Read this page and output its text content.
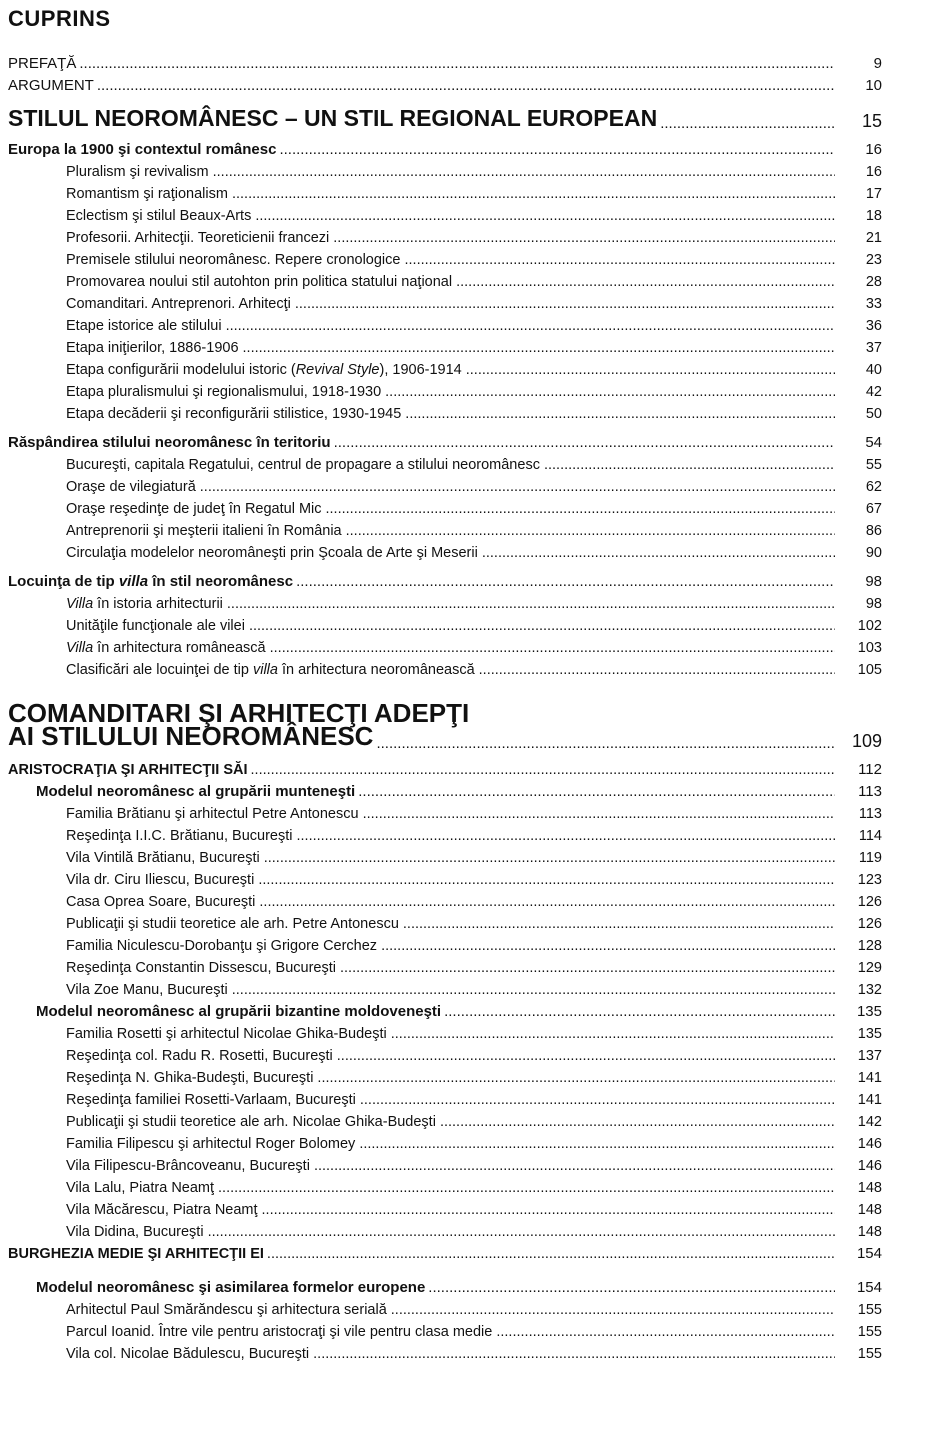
CUPRINS
COMANDITARI ŞI ARHITECŢI ADEPŢI
PREFAŢĂ .....	9
ARGUMENT .....	10
STILUL NEOROMÂNESC – UN STIL REGIONAL EUROPEAN .....	15
Europa la 1900 şi contextul românesc .....	16
Pluralism şi revivalism .....	16
Romantism şi raţionalism .....	17
Eclectism şi stilul Beaux-Arts .....	18
Profesorii. Arhitecţii. Teoreticienii francezi .....	21
Premisele stilului neoromânesc. Repere cronologice .....	23
Promovarea noului stil autohton prin politica statului naţional .....	28
Comanditari. Antreprenori. Arhitecţi .....	33
Etape istorice ale stilului .....	36
Etapa iniţierilor, 1886-1906 .....	37
Etapa configurării modelului istoric (Revival Style), 1906-1914 .....	40
Etapa pluralismului şi regionalismului, 1918-1930 .....	42
Etapa decăderii şi reconfigurării stilistice, 1930-1945 .....	50
Răspândirea stilului neoromânesc în teritoriu .....	54
Bucureşti, capitala Regatului, centrul de propagare a stilului neoromânesc .....	55
Oraşe de vilegiatură .....	62
Oraşe reşedinţe de judeţ în Regatul Mic .....	67
Antreprenorii şi meşterii italieni în România .....	86
Circulaţia modelelor neoromâneşti prin Şcoala de Arte şi Meserii .....	90
Locuinţa de tip villa în stil neoromânesc .....	98
Villa în istoria arhitecturii .....	98
Unităţile funcţionale ale vilei .....	102
Villa în arhitectura românească .....	103
Clasificări ale locuinţei de tip villa în arhitectura neoromânească .....	105
AI STILULUI NEOROMÂNESC .....	109
ARISTOCRAŢIA ŞI ARHITECŢII SĂI .....	112
Modelul neoromânesc al grupării munteneşti .....	113
Familia Brătianu şi arhitectul Petre Antonescu .....	113
Reşedinţa I.I.C. Brătianu, Bucureşti .....	114
Vila Vintilă Brătianu, Bucureşti .....	119
Vila dr. Ciru Iliescu, Bucureşti .....	123
Casa Oprea Soare, Bucureşti .....	126
Publicaţii şi studii teoretice ale arh. Petre Antonescu .....	126
Familia Niculescu-Dorobanţu şi Grigore Cerchez .....	128
Reşedinţa Constantin Dissescu, Bucureşti .....	129
Vila Zoe Manu, Bucureşti .....	132
Modelul neoromânesc al grupării bizantine moldoveneşti .....	135
Familia Rosetti şi arhitectul Nicolae Ghika-Budeşti .....	135
Reşedinţa col. Radu R. Rosetti, Bucureşti .....	137
Reşedinţa N. Ghika-Budeşti, Bucureşti .....	141
Reşedinţa familiei Rosetti-Varlaam, Bucureşti .....	141
Publicaţii şi studii teoretice ale arh. Nicolae Ghika-Budeşti .....	142
Familia Filipescu şi arhitectul Roger Bolomey .....	146
Vila Filipescu-Brâncoveanu, Bucureşti .....	146
Vila Lalu, Piatra Neamţ .....	148
Vila Măcărescu, Piatra Neamţ .....	148
Vila Didina, Bucureşti .....	148
BURGHEZIA MEDIE ŞI ARHITECŢII EI .....	154
Modelul neoromânesc şi asimilarea formelor europene .....	154
Arhitectul Paul Smărăndescu şi arhitectura serială .....	155
Parcul Ioanid. Între vile pentru aristocraţi şi vile pentru clasa medie .....	155
Vila col. Nicolae Bădulescu, Bucureşti .....	155
